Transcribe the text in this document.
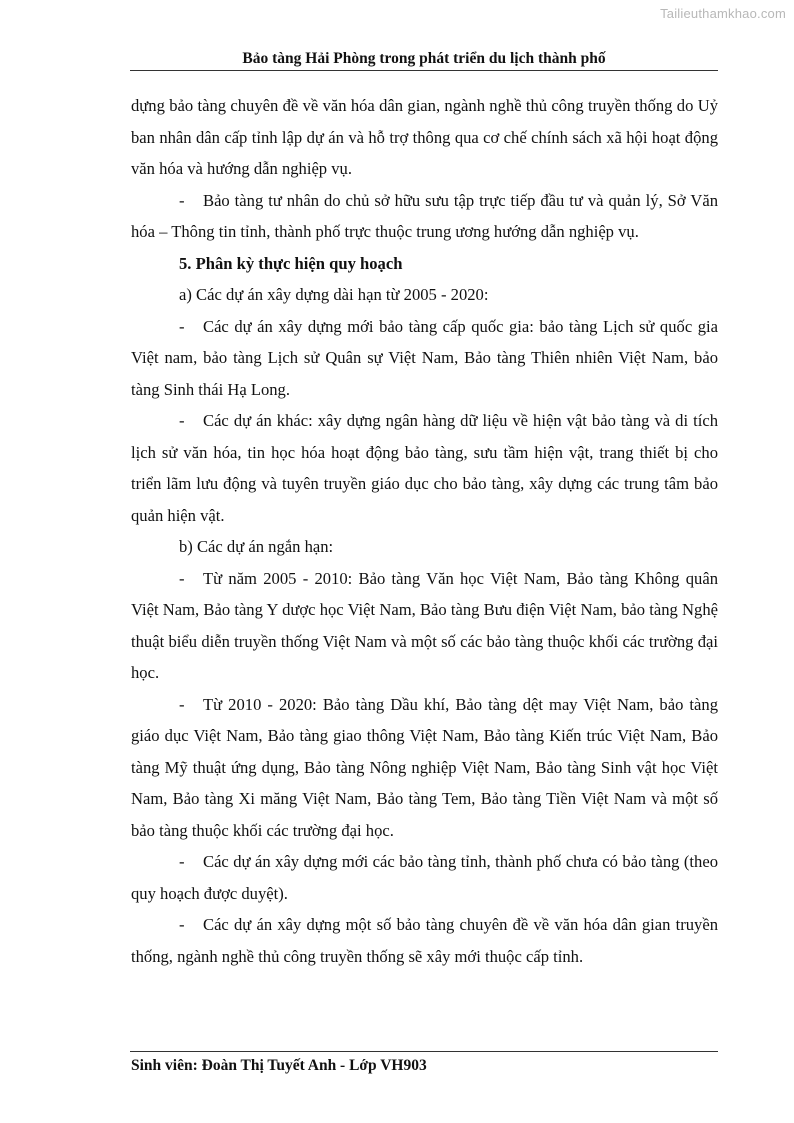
Tailieuthamkhao.com
Bảo tàng Hải Phòng trong phát triển du lịch thành phố

dựng bảo tàng chuyên đề về văn hóa dân gian, ngành nghề thủ công truyền thống do Uỷ ban nhân dân cấp tỉnh lập dự án và hỗ trợ thông qua cơ chế chính sách xã hội hoạt động văn hóa và hướng dẫn nghiệp vụ.

- Bảo tàng tư nhân do chủ sở hữu sưu tập trực tiếp đầu tư và quản lý, Sở Văn hóa – Thông tin tỉnh, thành phố trực thuộc trung ương hướng dẫn nghiệp vụ.

5. Phân kỳ thực hiện quy hoạch

a) Các dự án xây dựng dài hạn từ 2005 - 2020:

- Các dự án xây dựng mới bảo tàng cấp quốc gia: bảo tàng Lịch sử quốc gia Việt nam, bảo tàng Lịch sử Quân sự Việt Nam, Bảo tàng Thiên nhiên Việt Nam, bảo tàng Sinh thái Hạ Long.

- Các dự án khác: xây dựng ngân hàng dữ liệu về hiện vật bảo tàng và di tích lịch sử văn hóa, tin học hóa hoạt động bảo tàng, sưu tầm hiện vật, trang thiết bị cho triển lãm lưu động và tuyên truyền giáo dục cho bảo tàng, xây dựng các trung tâm bảo quản hiện vật.

b) Các dự án ngắn hạn:

- Từ năm 2005 - 2010: Bảo tàng Văn học Việt Nam, Bảo tàng Không quân Việt Nam, Bảo tàng Y dược học Việt Nam, Bảo tàng Bưu điện Việt Nam, bảo tàng Nghệ thuật biểu diễn truyền thống Việt Nam và một số các bảo tàng thuộc khối các trường đại học.

- Từ 2010 - 2020: Bảo tàng Dầu khí, Bảo tàng dệt may Việt Nam, bảo tàng giáo dục Việt Nam, Bảo tàng giao thông Việt Nam, Bảo tàng Kiến trúc Việt Nam, Bảo tàng Mỹ thuật ứng dụng, Bảo tàng Nông nghiệp Việt Nam, Bảo tàng Sinh vật học Việt Nam, Bảo tàng Xi măng Việt Nam, Bảo tàng Tem, Bảo tàng Tiền Việt Nam và một số bảo tàng thuộc khối các trường đại học.

- Các dự án xây dựng mới các bảo tàng tỉnh, thành phố chưa có bảo tàng (theo quy hoạch được duyệt).

- Các dự án xây dựng một số bảo tàng chuyên đề về văn hóa dân gian truyền thống, ngành nghề thủ công truyền thống sẽ xây mới thuộc cấp tỉnh.

Sinh viên: Đoàn Thị Tuyết Anh - Lớp VH903
